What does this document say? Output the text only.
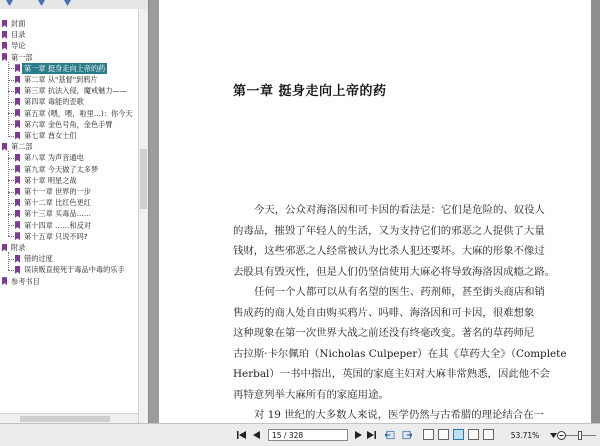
封面
目录
导论
第一部
第一章 挺身走向上帝的药
第二章 从"基督"到鸦片
第三章 抗法入侵，魔戒魅力——
第四章 毒能的歪歌
第五章 (喂，喂，啦里…)：你今天
第六章 金色号角，金色手臂
第七章 酋女士们
第二部
第八章 为声音通电
第九章 今天做了太多梦
第十章 明星之战
第十一章 世界的一步
第十二章 比红色更红
第十三章 买毒品……
第十四章 ……和反对
第十五章 只说不吗?
附录
错的过度
误读贩直接死于毒品中毒的乐手
参考书目
第一章 挺身走向上帝的药
今天，公众对海洛因和可卡因的看法是：它们是危险的、奴役人
的毒品，摧毁了年轻人的生活，又为支持它们的邪恶之人提供了大量
钱财，这些邪恶之人经常被认为比杀人犯还要坏。大麻的形象不像过
去股具有毁灭性，但是人们仍坚信使用大麻必将导致海洛因成瘾之路。
任何一个人都可以从有名望的医生、药剂师，甚至街头商店和销
售成药的商人处自由购买鸦片、吗啡、海洛因和可卡因，很难想象
这种现象在第一次世界大战之前还没有终毫改变。著名的草药师尼
古拉斯·卡尔佩珀（Nicholas Culpeper）在其《草药大全》（Complete
Herbal）一书中指出，英国的家庭主妇对大麻非常熟悉，因此他不会
再特意列举大麻所有的家庭用途。
对 19 世纪的大多数人来说，医学仍然与古希腊的理论结合在一
15 / 328	53.71%
